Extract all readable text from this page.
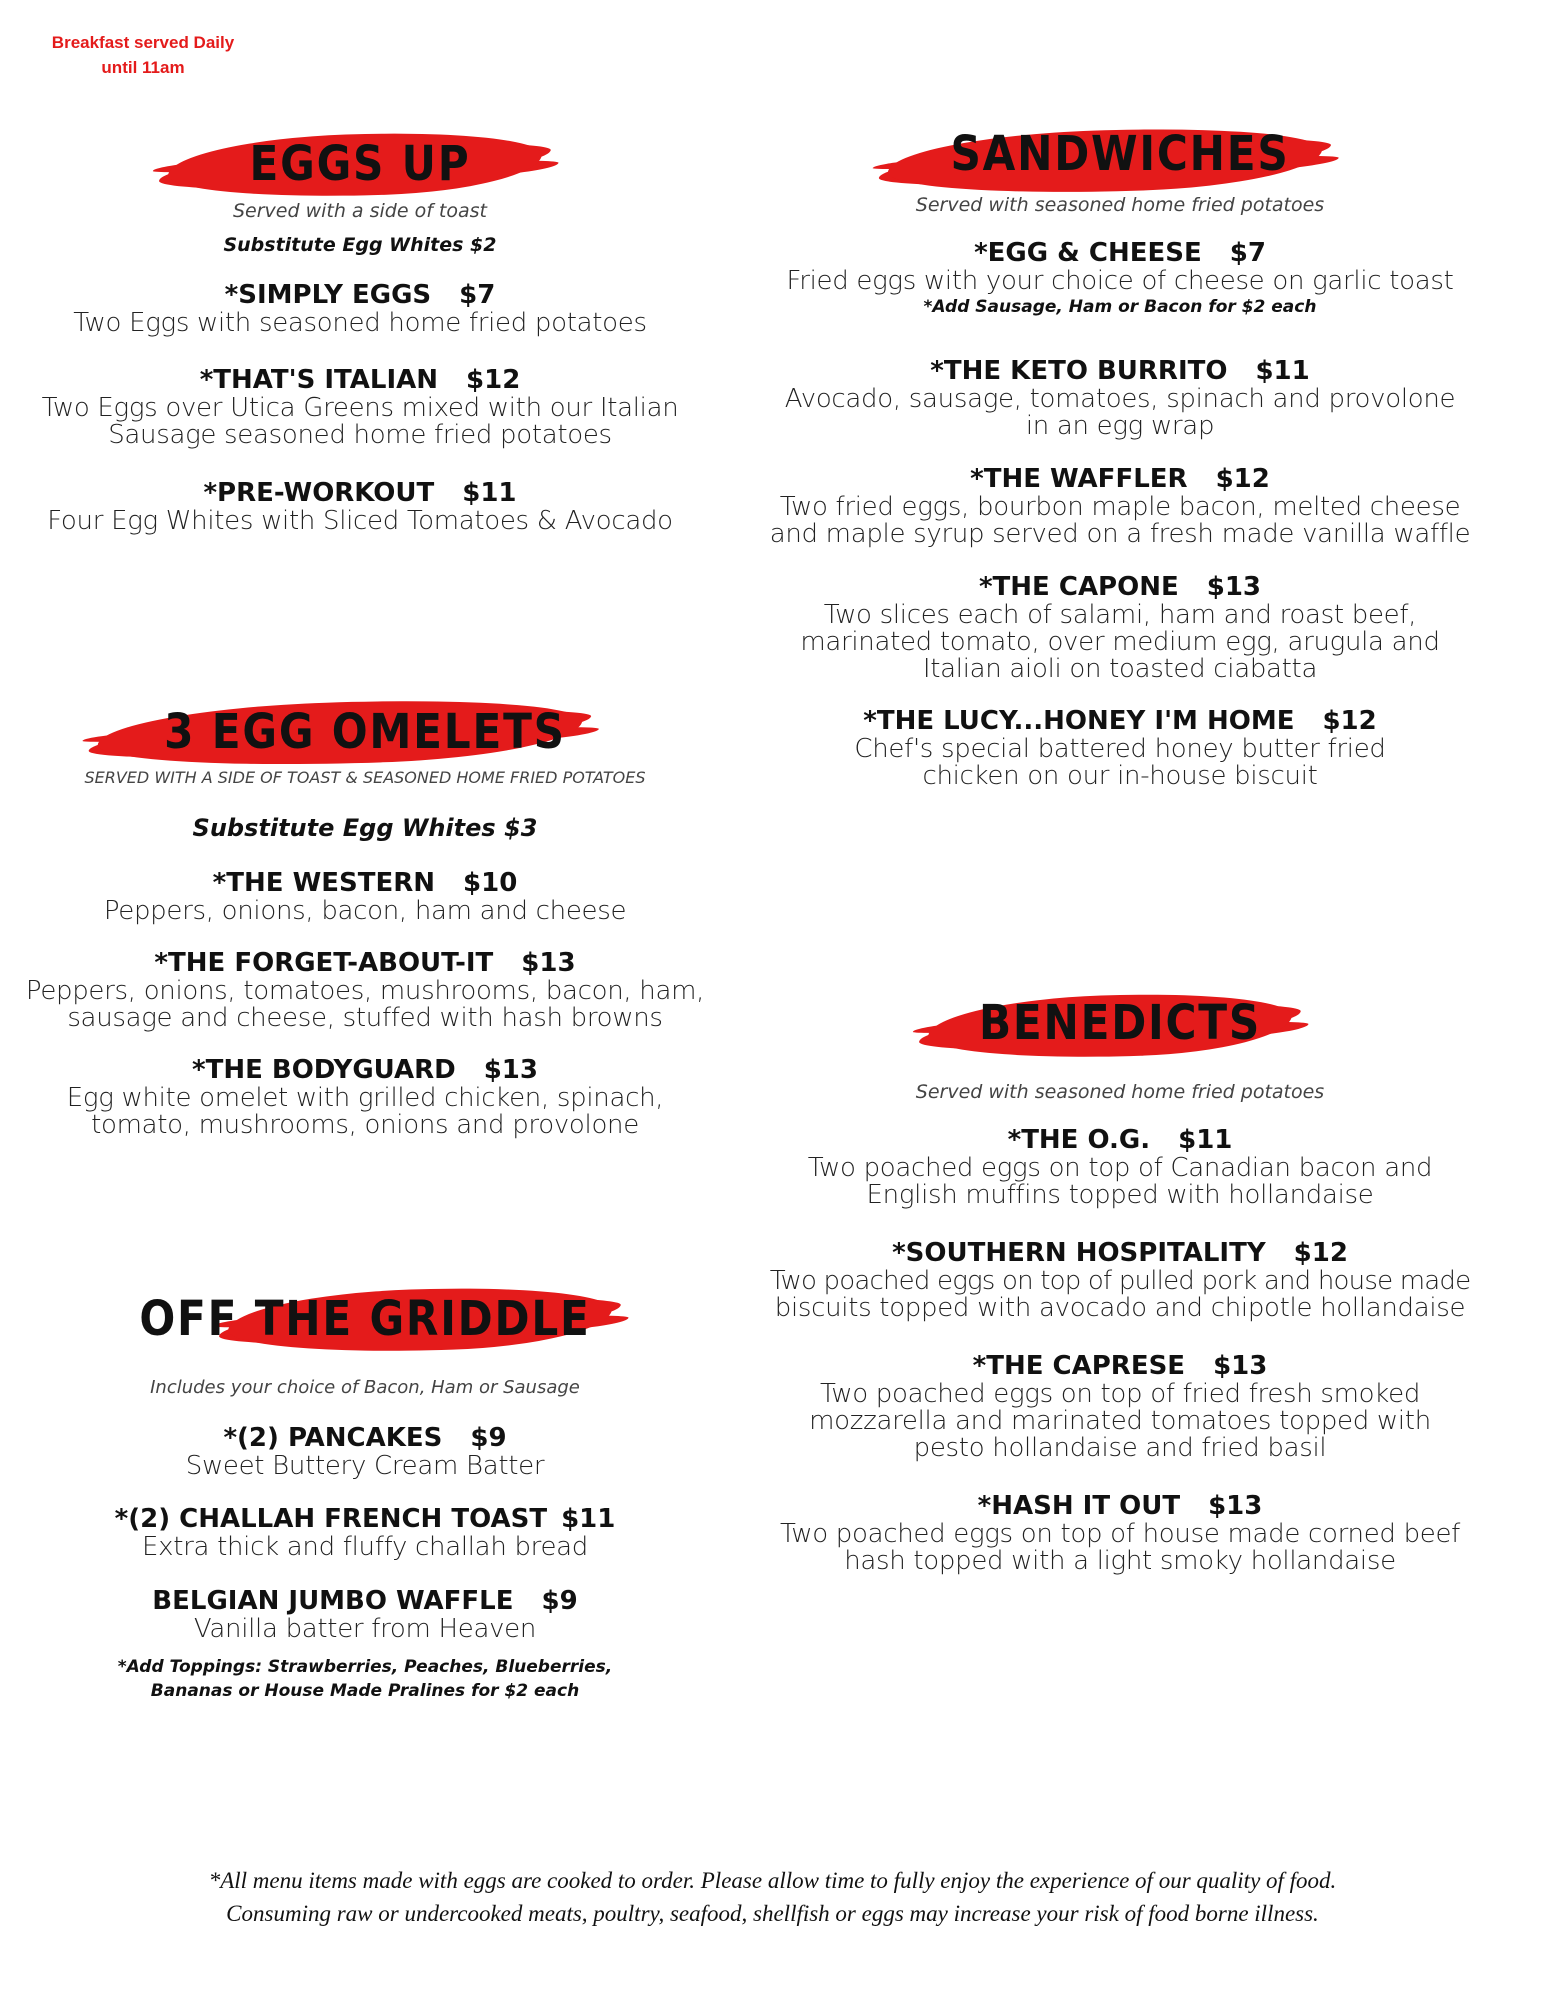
Breakfast served Daily
until 11am
EGGS UP
Served with a side of toast
Substitute Egg Whites $2
*SIMPLY EGGS $7
Two Eggs with seasoned home fried potatoes
*THAT'S ITALIAN $12
Two Eggs over Utica Greens mixed with our Italian
Sausage seasoned home fried potatoes
*PRE-WORKOUT $11
Four Egg Whites with Sliced Tomatoes & Avocado
3 EGG OMELETS
SERVED WITH A SIDE OF TOAST & SEASONED HOME FRIED POTATOES
Substitute Egg Whites $3
*THE WESTERN $10
Peppers, onions, bacon, ham and cheese
*THE FORGET-ABOUT-IT $13
Peppers, onions, tomatoes, mushrooms, bacon, ham,
sausage and cheese, stuffed with hash browns
*THE BODYGUARD $13
Egg white omelet with grilled chicken, spinach,
tomato, mushrooms, onions and provolone
OFF THE GRIDDLE
Includes your choice of Bacon, Ham or Sausage
*(2) PANCAKES $9
Sweet Buttery Cream Batter
*(2) CHALLAH FRENCH TOAST $11
Extra thick and fluffy challah bread
BELGIAN JUMBO WAFFLE $9
Vanilla batter from Heaven
*Add Toppings: Strawberries, Peaches, Blueberries,
Bananas or House Made Pralines for $2 each
SANDWICHES
Served with seasoned home fried potatoes
*EGG & CHEESE $7
Fried eggs with your choice of cheese on garlic toast
*Add Sausage, Ham or Bacon for $2 each
*THE KETO BURRITO $11
Avocado, sausage, tomatoes, spinach and provolone
in an egg wrap
*THE WAFFLER $12
Two fried eggs, bourbon maple bacon, melted cheese
and maple syrup served on a fresh made vanilla waffle
*THE CAPONE $13
Two slices each of salami, ham and roast beef,
marinated tomato, over medium egg, arugula and
Italian aioli on toasted ciabatta
*THE LUCY...HONEY I'M HOME $12
Chef's special battered honey butter fried
chicken on our in-house biscuit
BENEDICTS
Served with seasoned home fried potatoes
*THE O.G. $11
Two poached eggs on top of Canadian bacon and
English muffins topped with hollandaise
*SOUTHERN HOSPITALITY $12
Two poached eggs on top of pulled pork and house made
biscuits topped with avocado and chipotle hollandaise
*THE CAPRESE $13
Two poached eggs on top of fried fresh smoked
mozzarella and marinated tomatoes topped with
pesto hollandaise and fried basil
*HASH IT OUT $13
Two poached eggs on top of house made corned beef
hash topped with a light smoky hollandaise
*All menu items made with eggs are cooked to order. Please allow time to fully enjoy the experience of our quality of food.
Consuming raw or undercooked meats, poultry, seafood, shellfish or eggs may increase your risk of food borne illness.
